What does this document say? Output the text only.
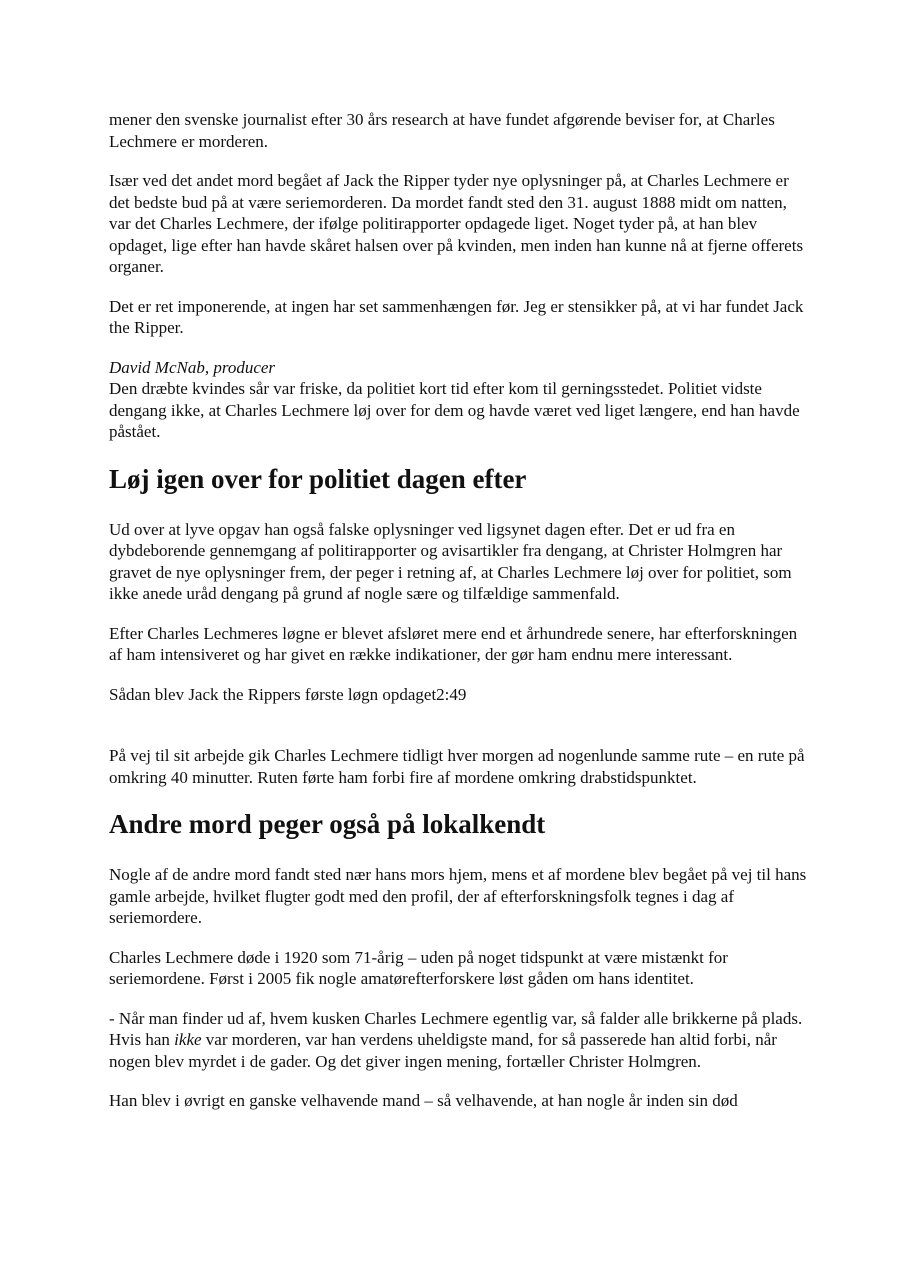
mener den svenske journalist efter 30 års research at have fundet afgørende beviser for, at Charles Lechmere er morderen.

Især ved det andet mord begået af Jack the Ripper tyder nye oplysninger på, at Charles Lechmere er det bedste bud på at være seriemorderen. Da mordet fandt sted den 31. august 1888 midt om natten, var det Charles Lechmere, der ifølge politirapporter opdagede liget. Noget tyder på, at han blev opdaget, lige efter han havde skåret halsen over på kvinden, men inden han kunne nå at fjerne offerets organer.

Det er ret imponerende, at ingen har set sammenhængen før. Jeg er stensikker på, at vi har fundet Jack the Ripper.

David McNab, producer
Den dræbte kvindes sår var friske, da politiet kort tid efter kom til gerningsstedet. Politiet vidste dengang ikke, at Charles Lechmere løj over for dem og havde været ved liget længere, end han havde påstået.
Løj igen over for politiet dagen efter

Ud over at lyve opgav han også falske oplysninger ved ligsynet dagen efter. Det er ud fra en dybdeborende gennemgang af politirapporter og avisartikler fra dengang, at Christer Holmgren har gravet de nye oplysninger frem, der peger i retning af, at Charles Lechmere løj over for politiet, som ikke anede uråd dengang på grund af nogle sære og tilfældige sammenfald.

Efter Charles Lechmeres løgne er blevet afsløret mere end et århundrede senere, har efterforskningen af ham intensiveret og har givet en række indikationer, der gør ham endnu mere interessant.

Sådan blev Jack the Rippers første løgn opdaget2:49

På vej til sit arbejde gik Charles Lechmere tidligt hver morgen ad nogenlunde samme rute – en rute på omkring 40 minutter. Ruten førte ham forbi fire af mordene omkring drabstidspunktet.

Andre mord peger også på lokalkendt

Nogle af de andre mord fandt sted nær hans mors hjem, mens et af mordene blev begået på vej til hans gamle arbejde, hvilket flugter godt med den profil, der af efterforskningsfolk tegnes i dag af seriemordere.

Charles Lechmere døde i 1920 som 71-årig – uden på noget tidspunkt at være mistænkt for seriemordene. Først i 2005 fik nogle amatørefterforskere løst gåden om hans identitet.

- Når man finder ud af, hvem kusken Charles Lechmere egentlig var, så falder alle brikkerne på plads. Hvis han ikke var morderen, var han verdens uheldigste mand, for så passerede han altid forbi, når nogen blev myrdet i de gader. Og det giver ingen mening, fortæller Christer Holmgren.

Han blev i øvrigt en ganske velhavende mand – så velhavende, at han nogle år inden sin død
